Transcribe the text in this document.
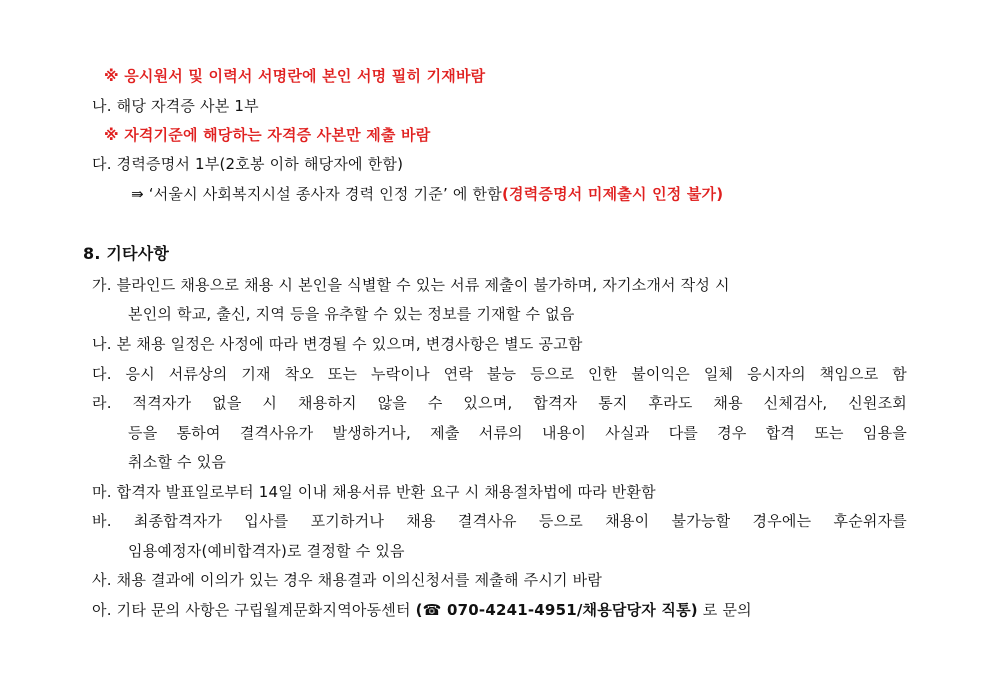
※ 응시원서 및 이력서 서명란에 본인 서명 필히 기재바람
나. 해당 자격증 사본 1부
※ 자격기준에 해당하는 자격증 사본만 제출 바람
다. 경력증명서 1부(2호봉 이하 해당자에 한함)
⇛ ‘서울시 사회복지시설 종사자 경력 인정 기준’ 에 한함(경력증명서 미제출시 인정 불가)
8. 기타사항
가. 블라인드 채용으로 채용 시 본인을 식별할 수 있는 서류 제출이 불가하며, 자기소개서 작성 시
본인의 학교, 출신, 지역 등을 유추할 수 있는 정보를 기재할 수 없음
나. 본 채용 일정은 사정에 따라 변경될 수 있으며, 변경사항은 별도 공고함
다. 응시 서류상의 기재 착오 또는 누락이나 연락 불능 등으로 인한 불이익은 일체 응시자의 책임으로 함
라. 적격자가 없을 시 채용하지 않을 수 있으며, 합격자 통지 후라도 채용 신체검사, 신원조회
등을 통하여 결격사유가 발생하거나, 제출 서류의 내용이 사실과 다를 경우 합격 또는 임용을
취소할 수 있음
마. 합격자 발표일로부터 14일 이내 채용서류 반환 요구 시 채용절차법에 따라 반환함
바. 최종합격자가 입사를 포기하거나 채용 결격사유 등으로 채용이 불가능할 경우에는 후순위자를
임용예정자(예비합격자)로 결정할 수 있음
사. 채용 결과에 이의가 있는 경우 채용결과 이의신청서를 제출해 주시기 바람
아. 기타 문의 사항은 구립월계문화지역아동센터 (☎ 070-4241-4951/채용담당자 직통) 로 문의
